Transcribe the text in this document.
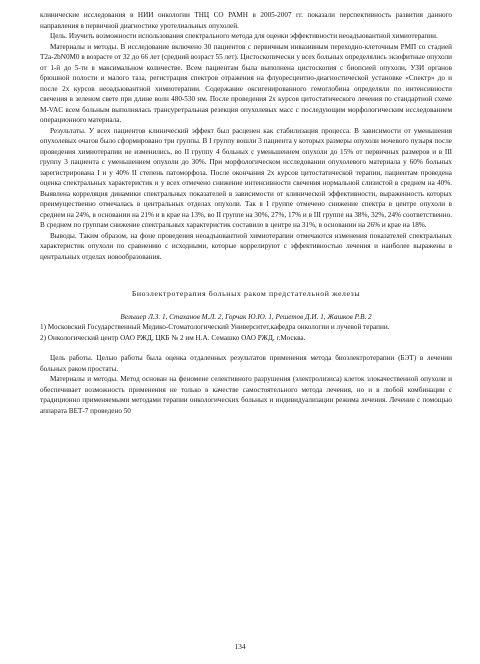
клинические исследования в НИИ онкологии ТНЦ СО РАМН в 2005-2007 гг. показали перспективность развития данного направления в первичной диагностике уротелиальных опухолей.

Цель. Изучить возможности использования спектрального метода для оценки эффективности неоадъювантной химиотерапии.

Материалы и методы. В исследование включено 30 пациентов с первичным инвазивным переходно-клеточным РМП со стадией T2a-2bN0M0 в возрасте от 32 до 66 лет (средний возраст 55 лет). Цистоскопически у всех больных определялись экзофитные опухоли от 1-й до 5-ти в максимальном количестве. Всем пациентам была выполнена цистоскопия с биопсией опухоли, УЗИ органов брюшной полости и малого таза, регистрация спектров отражения на флуоресцентно-диагностической установке «Спектр» до и после 2х курсов неоадъювантной химиотерапии. Содержание оксигенированного гемоглобина определяли по интенсивности свечения в зеленом свете при длине волн 480-530 нм. После проведения 2х курсов цитостатического лечения по стандартной схеме M-VAC всем больным выполнялась трансуретральная резекция опухолевых масс с последующим морфологическим исследованием операционного материала.

Результаты. У всех пациентов клинический эффект был расценен как стабилизация процесса. В зависимости от уменьшения опухолевых очагов было сформировано три группы. В I группу вошли 3 пациента у которых размеры опухоли мочевого пузыря после проведения химиотерапии не изменились, во II группу 4 больных с уменьшением опухоли до 15% от первичных размеров и в III группу 3 пациента с уменьшением опухоли до 30%. При морфологическом исследовании опухолевого материала у 60% больных зарегистрирована I и у 40% II степень патоморфоза. После окончания 2х курсов цитостатической терапии, пациентам проведена оценка спектральных характеристик и у всех отмечено снижение интенсивности свечения нормальной слизистой в среднем на 40%. Выявлена корреляция динамики спектральных показателей в зависимости от клинической эффективности, выраженность которых преимущественно отмечалась в центральных отделах опухоли. Так в I группе отмечено снижение спектра в центре опухоли в среднем на 24%, в основании на 21% и в крае на 13%, во II группе на 30%, 27%, 17% и в III группе на 38%, 32%, 24% соответственно. В среднем по группам снижение спектральных характеристик составило в центре на 31%, в основании на 26% и крае на 18%.

Выводы. Таким образом, на фоне проведения неоадъювантной химиотерапии отмечаются изменения показателей спектральных характеристик опухоли по сравнению с исходными, которые коррелируют с эффективностью лечения и наиболее выражены в центральных отделах новообразования.

Биоэлектротерапия больных раком предстательной железы

Вельшер Л.З. 1, Стаханов М.Л. 2, Горчак Ю.Ю. 1, Решетов Д.И. 1, Жашков Р.В. 2

1) Московский Государственный Медико-Стоматологический Университет,кафедра онкологии и лучевой терапии.

2) Онкологический центр ОАО РЖД, ЦКБ № 2 им Н.А. Семашко ОАО РЖД, г.Москва.

Цель работы. Целью работы была оценка отдаленных результатов применения метода биоэлектротерапии (БЭТ) в лечении больных раком простаты.

Материалы и методы. Метод основан на феномене селективного разрушения (электролизиса) клеток злокачественной опухоли и обеспечивает возможность применения не только в качестве самостоятельного метода лечения, но и в любой комбинации с традиционно применяемыми методами терапии онкологических больных и индивидуализации режима лечения. Лечение с помощью аппарата ВЕТ-7 проведено 50

134
